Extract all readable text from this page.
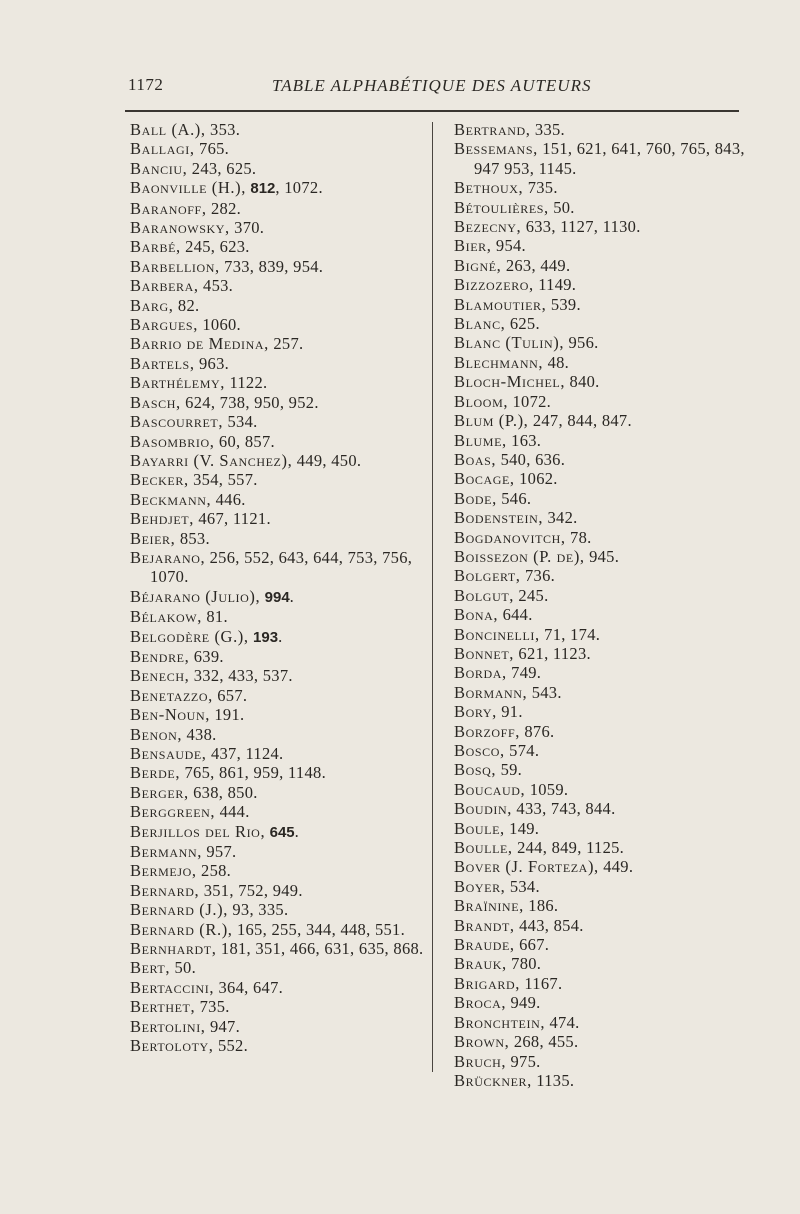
1172	TABLE ALPHABÉTIQUE DES AUTEURS

Ball (A.), 353.

Ballagi, 765.

Banciu, 243, 625.

Baonville (H.), 812, 1072.

Baranoff, 282.

Baranowsky, 370.

Barbé, 245, 623.

Barbellion, 733, 839, 954.

Barbera, 453.

Barg, 82.

Bargues, 1060.

Barrio de Medina, 257.

Bartels, 963.

Barthélemy, 1122.

Basch, 624, 738, 950, 952.

Bascourret, 534.

Basombrio, 60, 857.

Bayarri (V. Sanchez), 449, 450.

Becker, 354, 557.

Beckmann, 446.

Behdjet, 467, 1121.

Beier, 853.

Bejarano, 256, 552, 643, 644, 753, 756, 1070.

Béjarano (Julio), 994.

Bélakow, 81.

Belgodère (G.), 193.

Bendre, 639.

Benech, 332, 433, 537.

Benetazzo, 657.

Ben-Noun, 191.

Benon, 438.

Bensaude, 437, 1124.

Berde, 765, 861, 959, 1148.

Berger, 638, 850.

Berggreen, 444.

Berjillos del Rio, 645.

Bermann, 957.

Bermejo, 258.

Bernard, 351, 752, 949.

Bernard (J.), 93, 335.

Bernard (R.), 165, 255, 344, 448, 551.

Bernhardt, 181, 351, 466, 631, 635, 868.

Bert, 50.

Bertaccini, 364, 647.

Berthet, 735.

Bertolini, 947.

Bertoloty, 552.

Bertrand, 335.

Bessemans, 151, 621, 641, 760, 765, 843, 947 953, 1145.

Bethoux, 735.

Bétoulières, 50.

Bezecny, 633, 1127, 1130.

Bier, 954.

Bigné, 263, 449.

Bizzozero, 1149.

Blamoutier, 539.

Blanc, 625.

Blanc (Tulin), 956.

Blechmann, 48.

Bloch-Michel, 840.

Bloom, 1072.

Blum (P.), 247, 844, 847.

Blume, 163.

Boas, 540, 636.

Bocage, 1062.

Bode, 546.

Bodenstein, 342.

Bogdanovitch, 78.

Boissezon (P. de), 945.

Bolgert, 736.

Bolgut, 245.

Bona, 644.

Boncinelli, 71, 174.

Bonnet, 621, 1123.

Borda, 749.

Bormann, 543.

Bory, 91.

Borzoff, 876.

Bosco, 574.

Bosq, 59.

Boucaud, 1059.

Boudin, 433, 743, 844.

Boule, 149.

Boulle, 244, 849, 1125.

Bover (J. Forteza), 449.

Boyer, 534.

Braïnine, 186.

Brandt, 443, 854.

Braude, 667.

Brauk, 780.

Brigard, 1167.

Broca, 949.

Bronchtein, 474.

Brown, 268, 455.

Bruch, 975.

Brückner, 1135.
